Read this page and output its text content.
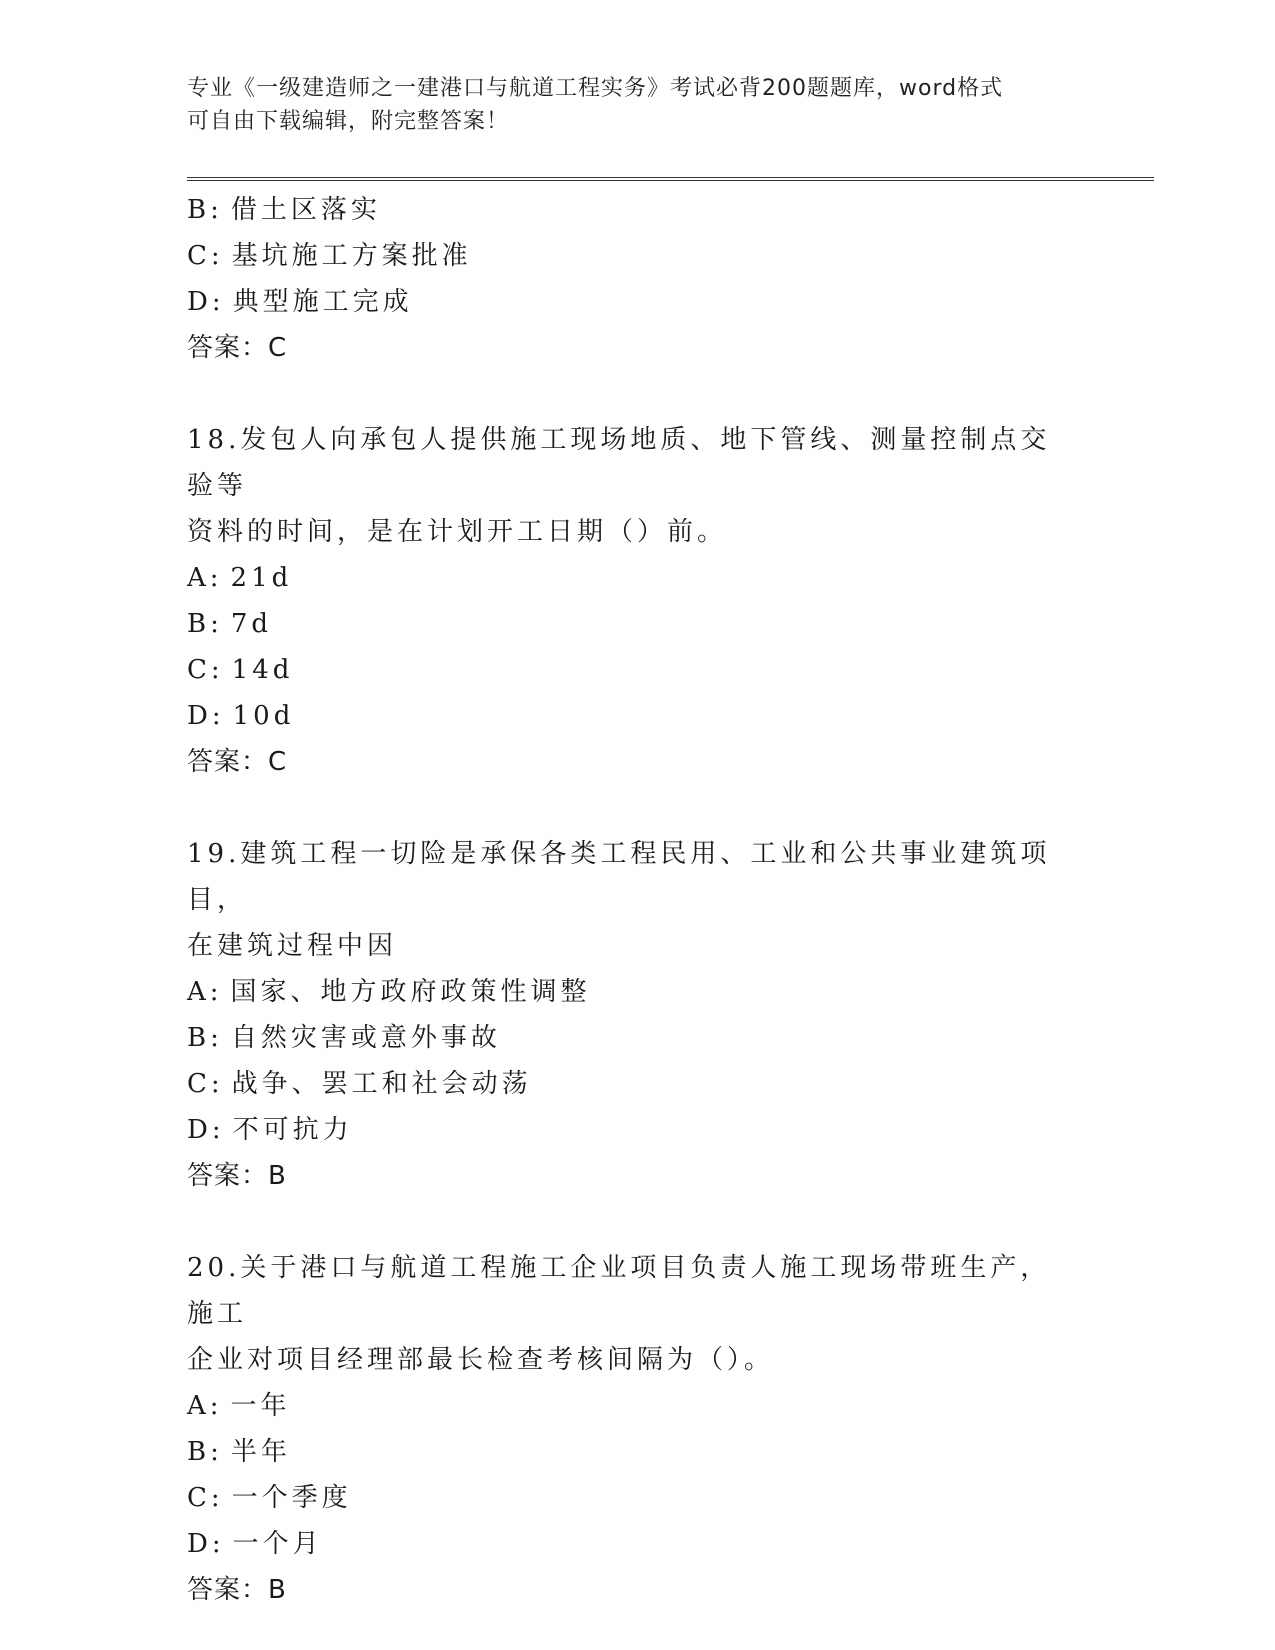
专业《一级建造师之一建港口与航道工程实务》考试必背200题题库，word格式
可自由下载编辑，附完整答案！
B: 借土区落实
C: 基坑施工方案批准
D: 典型施工完成
答案：C
18.发包人向承包人提供施工现场地质、地下管线、测量控制点交验等
资料的时间，是在计划开工日期（）前。
A: 21d
B: 7d
C: 14d
D: 10d
答案：C
19.建筑工程一切险是承保各类工程民用、工业和公共事业建筑项目，
在建筑过程中因
A: 国家、地方政府政策性调整
B: 自然灾害或意外事故
C: 战争、罢工和社会动荡
D: 不可抗力
答案：B
20.关于港口与航道工程施工企业项目负责人施工现场带班生产，施工
企业对项目经理部最长检查考核间隔为（）。
A: 一年
B: 半年
C: 一个季度
D: 一个月
答案：B
